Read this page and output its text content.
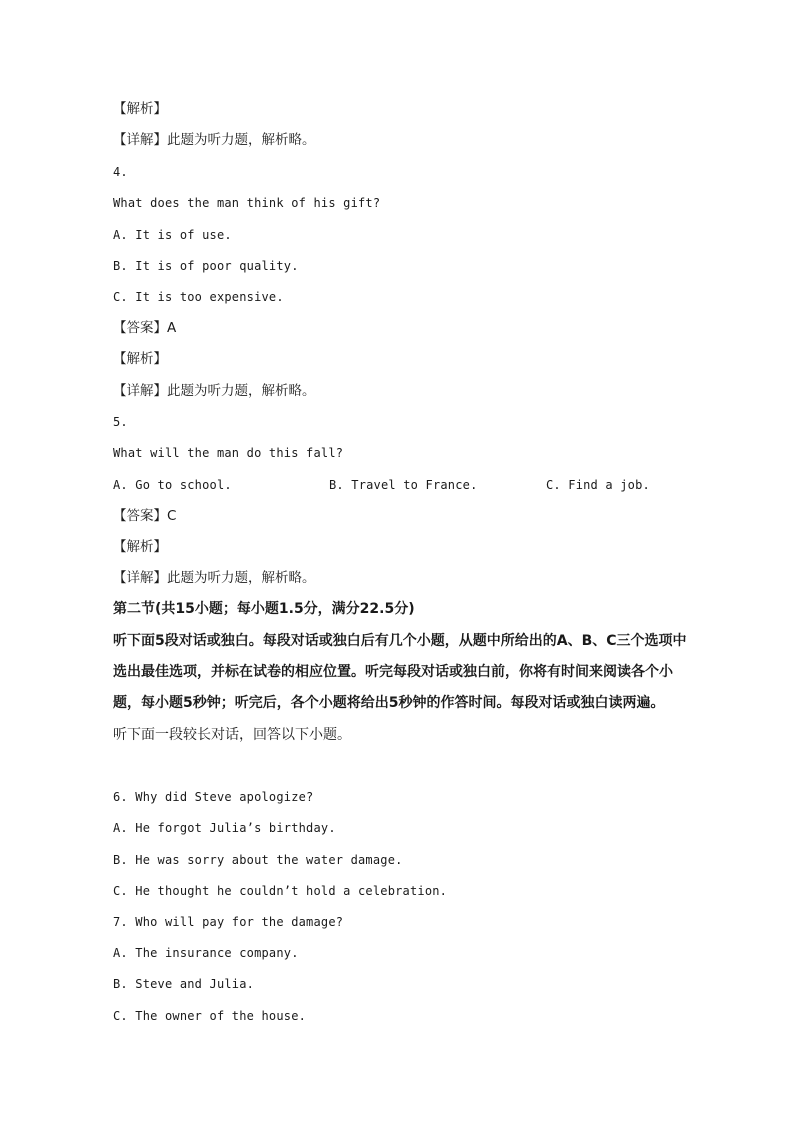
【解析】
【详解】此题为听力题，解析略。
4.
What does the man think of his gift?
A. It is of use.
B. It is of poor quality.
C. It is too expensive.
【答案】A
【解析】
【详解】此题为听力题，解析略。
5.
What will the man do this fall?
A. Go to school.	B. Travel to France.	C. Find a job.
【答案】C
【解析】
【详解】此题为听力题，解析略。
第二节(共15小题；每小题1.5分，满分22.5分)
听下面5段对话或独白。每段对话或独白后有几个小题，从题中所给出的A、B、C三个选项中选出最佳选项，并标在试卷的相应位置。听完每段对话或独白前，你将有时间来阅读各个小题，每小题5秒钟；听完后，各个小题将给出5秒钟的作答时间。每段对话或独白读两遍。
听下面一段较长对话，回答以下小题。
6. Why did Steve apologize?
A. He forgot Julia’s birthday.
B. He was sorry about the water damage.
C. He thought he couldn’t hold a celebration.
7. Who will pay for the damage?
A. The insurance company.
B. Steve and Julia.
C. The owner of the house.
